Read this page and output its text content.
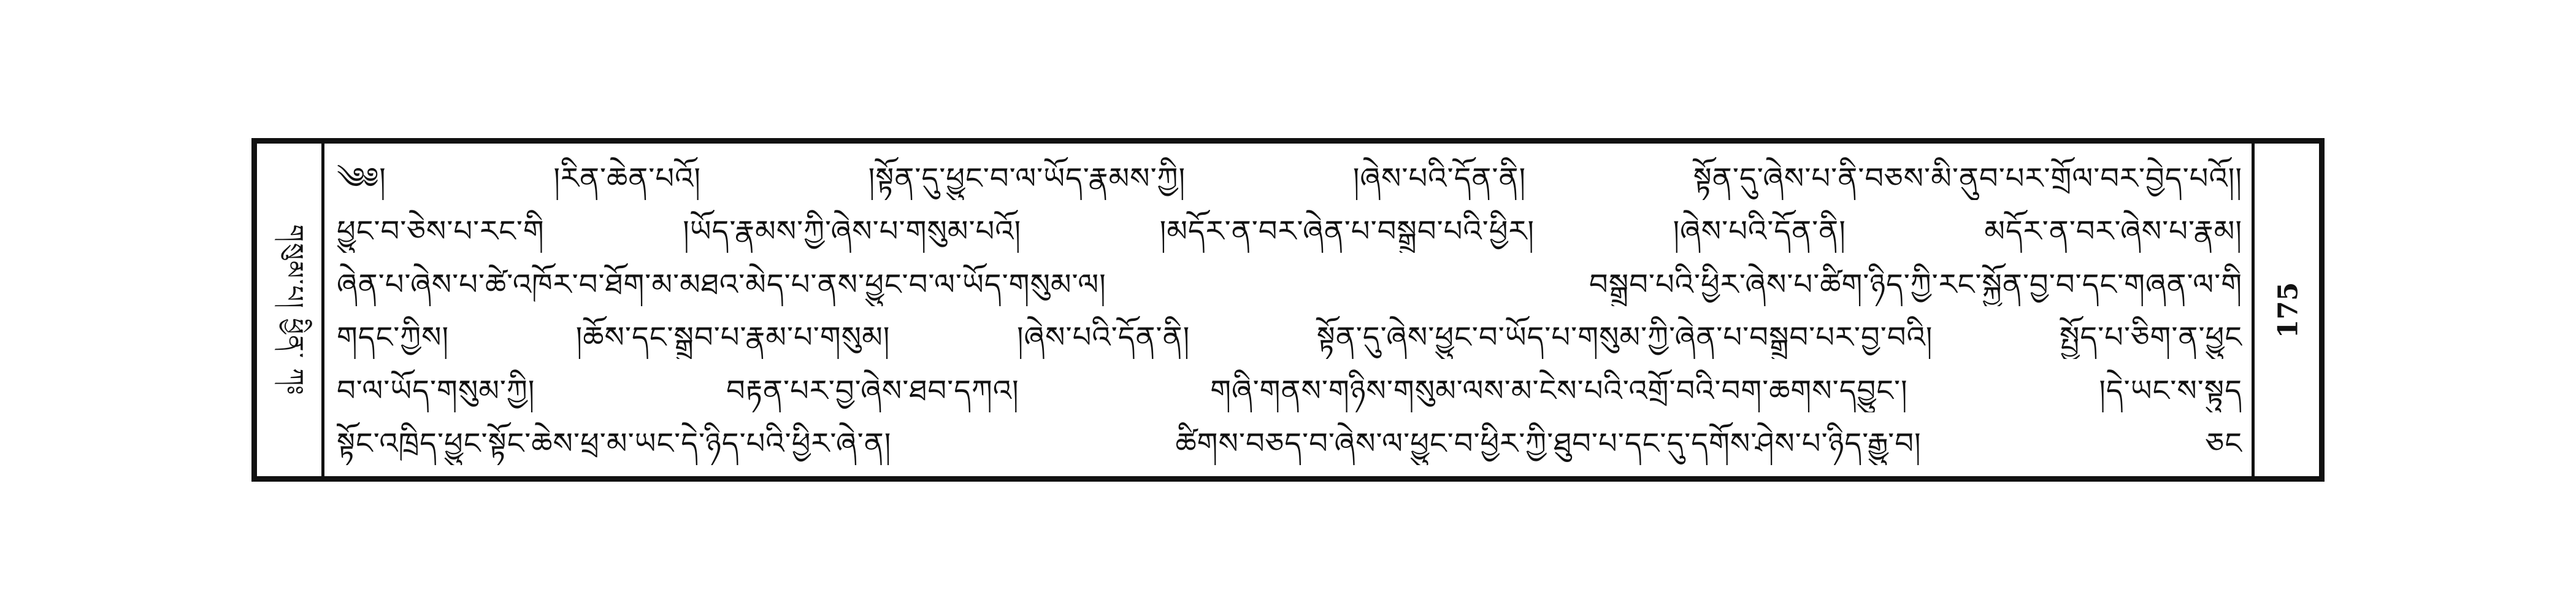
གསུམ་པ། ཕྱིན་ ཀཿ
༄༅། །རིན་ཆེན་པའོ། །སྟོན་དུ་ཕྱུང་བ་ལ་ཡོད་རྣམས་ཀྱི། །ཞེས་པའི་དོན་ནི། སྟོན་དུ་ཞེས་པ་ནི་བཅས་མི་ནུབ་པར་གྲོལ་བར་བྱེད་པའོ།།
ཕྱུང་བ་ཅེས་པ་རང་གི །ཡོད་རྣམས་ཀྱི་ཞེས་པ་གསུམ་པའོ། །མདོར་ན་བར་ཞེན་པ་བསྒྲུབ་པའི་ཕྱིར། །ཞེས་པའི་དོན་ནི། མདོར་ན་བར་ཞེས་པ་རྣམ།
ཞེན་པ་ཞེས་པ་ཚེ་འཁོར་བ་ཐོག་མ་མཐའ་མེད་པ་ནས་ཕྱུང་བ་ལ་ཡོད་གསུམ་ལ། བསྒྲུབ་པའི་ཕྱིར་ཞེས་པ་ཚིག་ཉིད་ཀྱི་རང་སྐྱོན་བྱ་བ་དང་གཞན་ལ་གི
གདང་ཀྱིས། །ཆོས་དང་སྒྲུབ་པ་རྣམ་པ་གསུམ། །ཞེས་པའི་དོན་ནི། སྟོན་དུ་ཞེས་ཕྱུང་བ་ཡོད་པ་གསུམ་ཀྱི་ཞེན་པ་བསྒྲུབ་པར་བྱ་བའི། སྤྱོད་པ་ཅིག་ན་ཕྱུང
བ་ལ་ཡོད་གསུམ་ཀྱི། བརྟན་པར་བྱ་ཞེས་ཐབ་དཀའ། གཞི་གནས་གཉིས་གསུམ་ལས་མ་ངེས་པའི་འགྲོ་བའི་བག་ཆགས་དབྱུང་། །དེ་ཡང་ས་སྟུད
སྟོང་འཁྲིད་ཕྱུང་སྟོང་ཆེས་ཕྲ་མ་ཡང་དེ་ཉིད་པའི་ཕྱིར་ཞེ་ན། ཚིགས་བཅད་བ་ཞེས་ལ་ཕྱུང་བ་ཕྱིར་ཀྱི་ཐུབ་པ་དང་དུ་དགོས་ཤེས་པ་ཉིད་རྒྱུ་བ། ཅང
175
